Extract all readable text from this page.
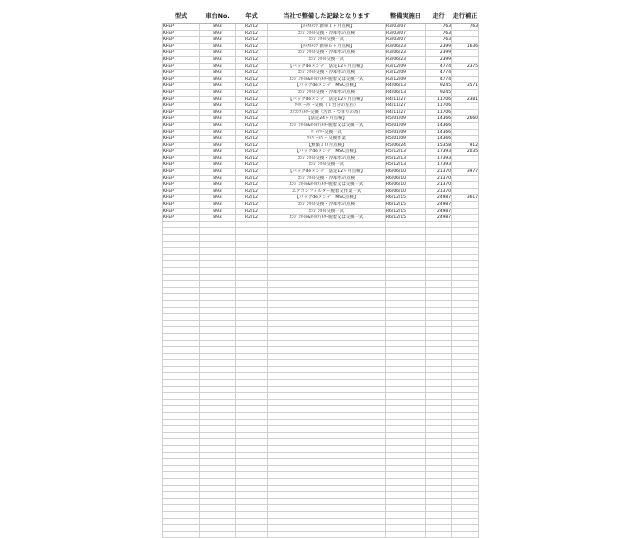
型式	車台No.	年式	当社で整備した記録となります	整備実施日	走行	走行補正
KFEP	893	R2/12	【ﾒｯｸﾙﾒﾝﾃ 新車１ヶ月点検】	R3/03/07	763	763
KFEP	893	R2/12	ｴﾝｼﾞﾝｵｲﾙ交換・冷却水の点検	R3/03/07	763	
KFEP	893	R2/12	ｴﾝｼﾞﾝｵｲﾙ交換一式	R3/03/07	763	
KFEP	893	R2/12	【ﾒｯｸﾙﾒﾝﾃ 新車６ヶ月点検】	R3/06/23	2399	1636
KFEP	893	R2/12	ｴﾝｼﾞﾝｵｲﾙ交換・冷却水の点検	R3/06/23	2399	
KFEP	893	R2/12	ｴﾝｼﾞﾝｵｲﾙ交換一式	R3/06/23	2399	
KFEP	893	R2/12	【パックdeメンテ　法定12ヶ月点検】	R3/12/09	4774	2375
KFEP	893	R2/12	ｴﾝｼﾞﾝｵｲﾙ交換・冷却水の点検	R3/12/09	4774	
KFEP	893	R2/12	ｴﾝｼﾞﾝｵｲﾙ&ｵｲﾙﾌｨﾙﾀｰ脱着又は交換一式	R3/12/09	4774	
KFEP	893	R2/12	【パックdeメンテ　MSC点検】	R4/06/13	9245	3571
KFEP	893	R2/12	ｴﾝｼﾞﾝｵｲﾙ交換・冷却水の点検	R4/06/13	9245	
KFEP	893	R2/12	【パックdeメンテ　法定12ヶ月点検】	R4/11/27	11706	2381
KFEP	893	R2/12	ﾜｲﾊﾟｰﾗﾊﾞｰ交換（１台分の左右）	R4/11/27	11706	
KFEP	893	R2/12	ｴｱｺﾝﾌｨﾙﾀｰ交換（汚れ・つまりの為）	R4/11/27	11706	
KFEP	893	R2/12	【法定24ヶ月点検】	R5/01/09	14366	2660
KFEP	893	R2/12	ｴﾝｼﾞﾝｵｲﾙ&ｵｲﾙﾌｨﾙﾀｰ脱着又は交換一式	R5/01/09	14366	
KFEP	893	R2/12	ﾊﾞｯﾃﾘｰ交換一式	R5/01/09	14366	
KFEP	893	R2/12	ﾜｲﾊﾟｰﾗﾊﾞｰ 交換作業	R5/01/09	14366	
KFEP	893	R2/12	【無償１０月点検】	R5/06/24	15358	912
KFEP	893	R2/12	【パックdeメンテ　MSC点検】	R5/12/13	17393	2035
KFEP	893	R2/12	ｴﾝｼﾞﾝｵｲﾙ交換・冷却水の点検	R5/12/13	17393	
KFEP	893	R2/12	ｴﾝｼﾞﾝｵｲﾙ交換一式	R5/12/13	17393	
KFEP	893	R2/12	【パックdeメンテ　法定12ヶ月点検】	R6/06/10	21370	3977
KFEP	893	R2/12	ｴﾝｼﾞﾝｵｲﾙ交換・冷却水の点検	R6/06/10	21370	
KFEP	893	R2/12	ｴﾝｼﾞﾝｵｲﾙ&ｵｲﾙﾌｨﾙﾀｰ脱着又は交換一式	R6/06/10	21370	
KFEP	893	R2/12	エアコンフィルター脱着又作業一式	R6/06/10	21370	
KFEP	893	R2/12	【パックdeメンテ　MSC点検】	R6/12/15	24987	3617
KFEP	893	R2/12	ｴﾝｼﾞﾝｵｲﾙ交換・冷却水の点検	R6/12/15	24987	
KFEP	893	R2/12	ｴﾝｼﾞﾝｵｲﾙ交換一式	R6/12/15	24987	
KFEP	893	R2/12	ｴﾝｼﾞﾝｵｲﾙ&ｵｲﾙﾌｨﾙﾀｰ脱着又は交換一式	R6/12/15	24987	
